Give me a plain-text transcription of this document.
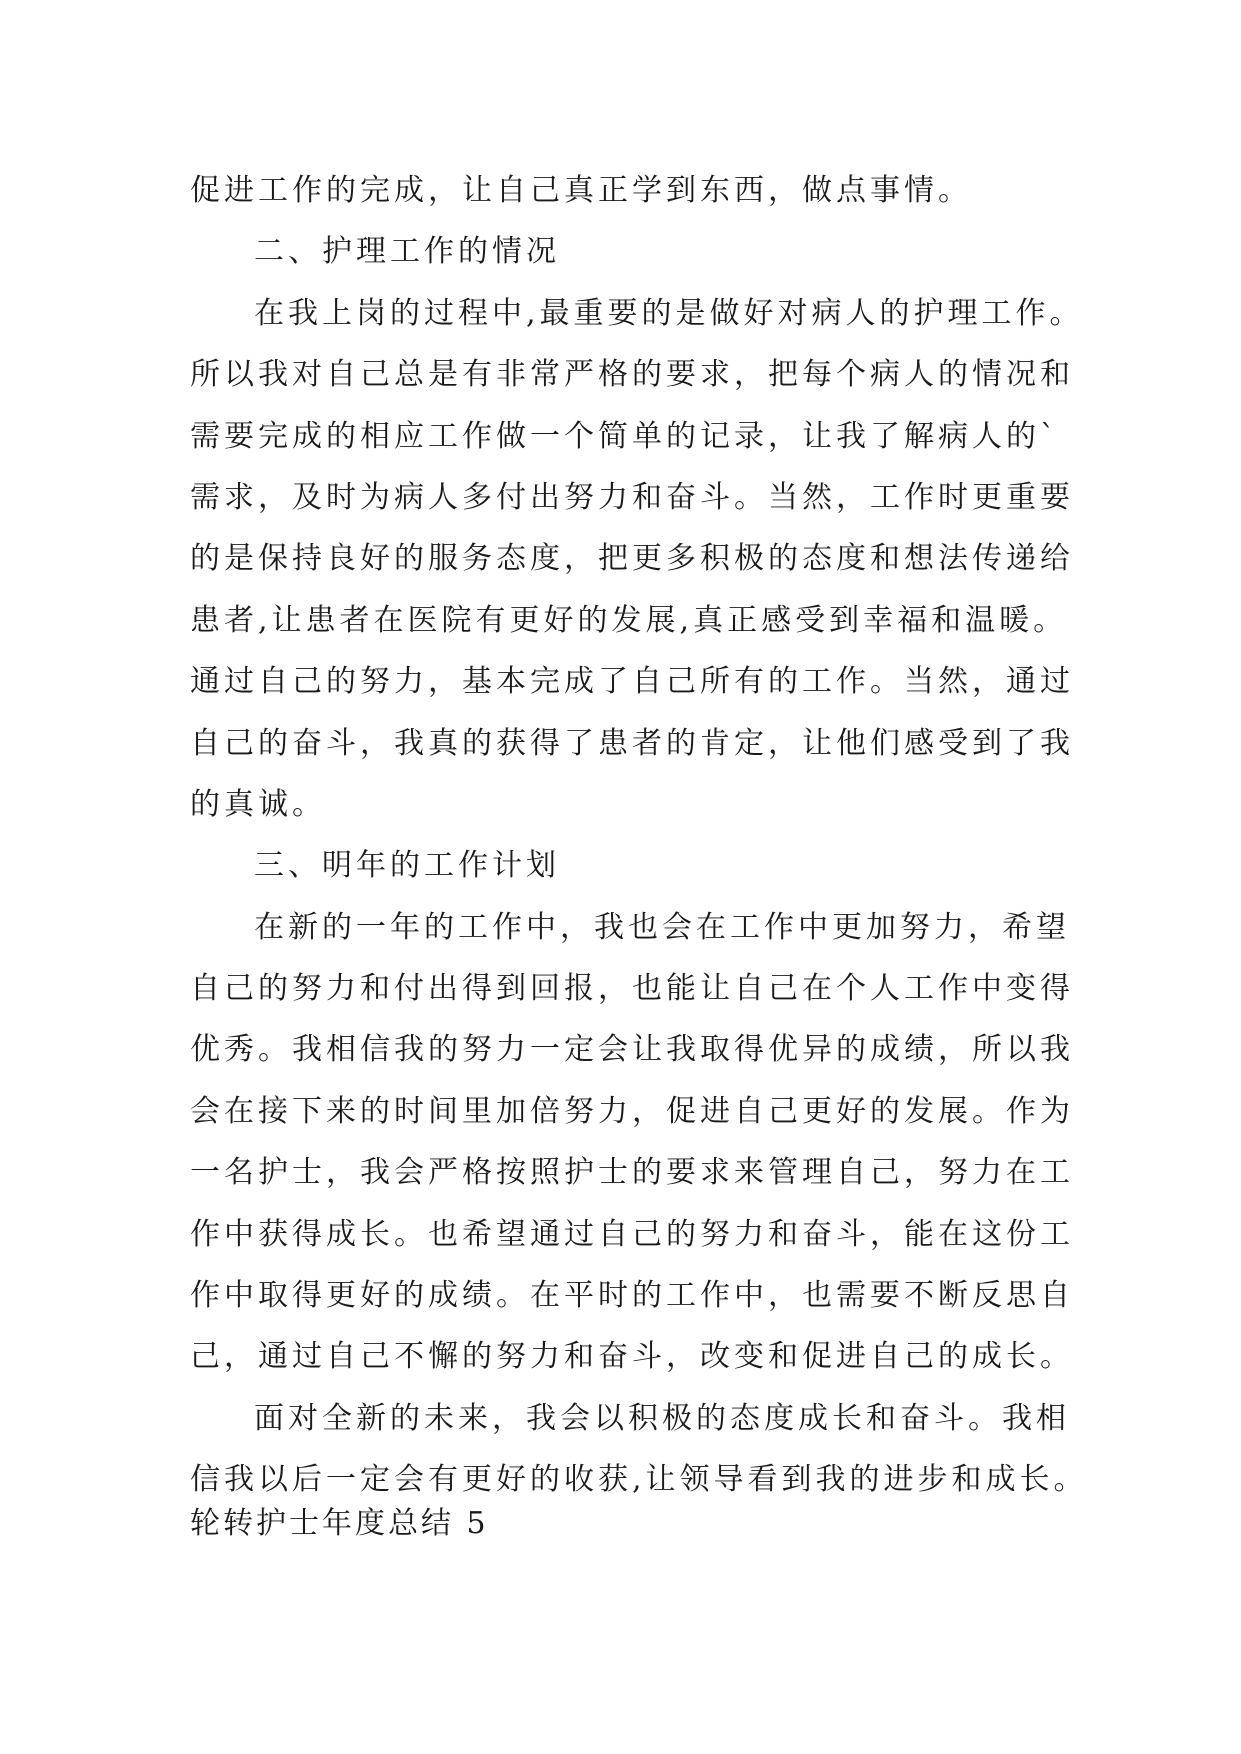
促进工作的完成，让自己真正学到东西，做点事情。
二、护理工作的情况
在我上岗的过程中,最重要的是做好对病人的护理工作。
所以我对自己总是有非常严格的要求，把每个病人的情况和
需要完成的相应工作做一个简单的记录，让我了解病人的`
需求，及时为病人多付出努力和奋斗。当然，工作时更重要
的是保持良好的服务态度，把更多积极的态度和想法传递给
患者,让患者在医院有更好的发展,真正感受到幸福和温暖。
通过自己的努力，基本完成了自己所有的工作。当然，通过
自己的奋斗，我真的获得了患者的肯定，让他们感受到了我
的真诚。
三、明年的工作计划
在新的一年的工作中，我也会在工作中更加努力，希望
自己的努力和付出得到回报，也能让自己在个人工作中变得
优秀。我相信我的努力一定会让我取得优异的成绩，所以我
会在接下来的时间里加倍努力，促进自己更好的发展。作为
一名护士，我会严格按照护士的要求来管理自己，努力在工
作中获得成长。也希望通过自己的努力和奋斗，能在这份工
作中取得更好的成绩。在平时的工作中，也需要不断反思自
己，通过自己不懈的努力和奋斗，改变和促进自己的成长。
面对全新的未来，我会以积极的态度成长和奋斗。我相
信我以后一定会有更好的收获,让领导看到我的进步和成长。
轮转护士年度总结 5
